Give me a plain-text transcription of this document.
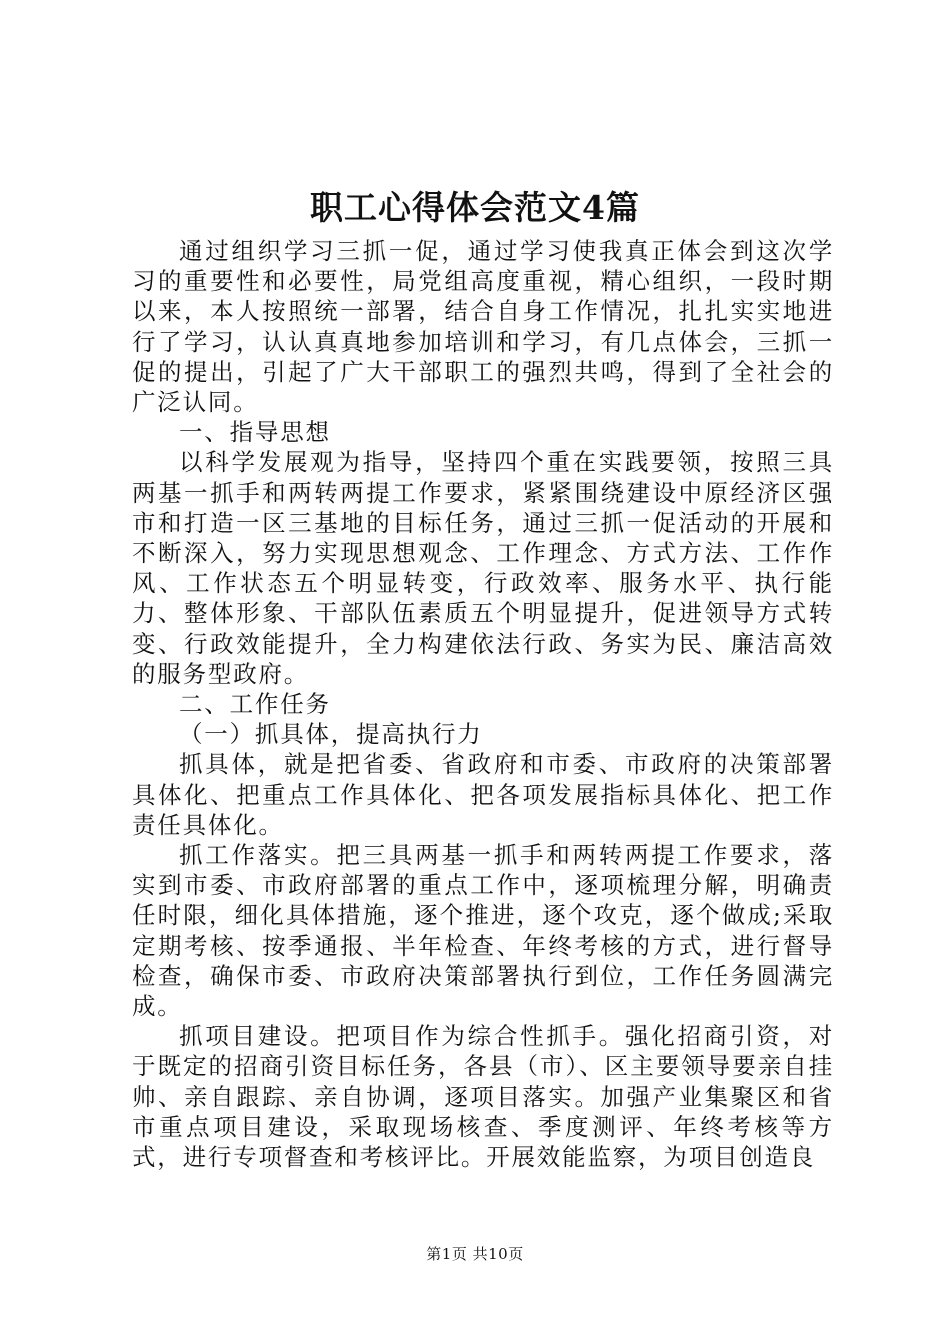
职工心得体会范文4篇

通过组织学习三抓一促，通过学习使我真正体会到这次学习的重要性和必要性，局党组高度重视，精心组织，一段时期以来，本人按照统一部署，结合自身工作情况，扎扎实实地进行了学习，认认真真地参加培训和学习，有几点体会，三抓一促的提出，引起了广大干部职工的强烈共鸣，得到了全社会的广泛认同。

一、指导思想

以科学发展观为指导，坚持四个重在实践要领，按照三具两基一抓手和两转两提工作要求，紧紧围绕建设中原经济区强市和打造一区三基地的目标任务，通过三抓一促活动的开展和不断深入，努力实现思想观念、工作理念、方式方法、工作作风、工作状态五个明显转变，行政效率、服务水平、执行能力、整体形象、干部队伍素质五个明显提升，促进领导方式转变、行政效能提升，全力构建依法行政、务实为民、廉洁高效的服务型政府。

二、工作任务

（一）抓具体，提高执行力

抓具体，就是把省委、省政府和市委、市政府的决策部署具体化、把重点工作具体化、把各项发展指标具体化、把工作责任具体化。

抓工作落实。把三具两基一抓手和两转两提工作要求，落实到市委、市政府部署的重点工作中，逐项梳理分解，明确责任时限，细化具体措施，逐个推进，逐个攻克，逐个做成;采取定期考核、按季通报、半年检查、年终考核的方式，进行督导检查，确保市委、市政府决策部署执行到位，工作任务圆满完成。

抓项目建设。把项目作为综合性抓手。强化招商引资，对于既定的招商引资目标任务，各县（市）、区主要领导要亲自挂帅、亲自跟踪、亲自协调，逐项目落实。加强产业集聚区和省市重点项目建设，采取现场核查、季度测评、年终考核等方式，进行专项督查和考核评比。开展效能监察，为项目创造良

第1页 共10页
